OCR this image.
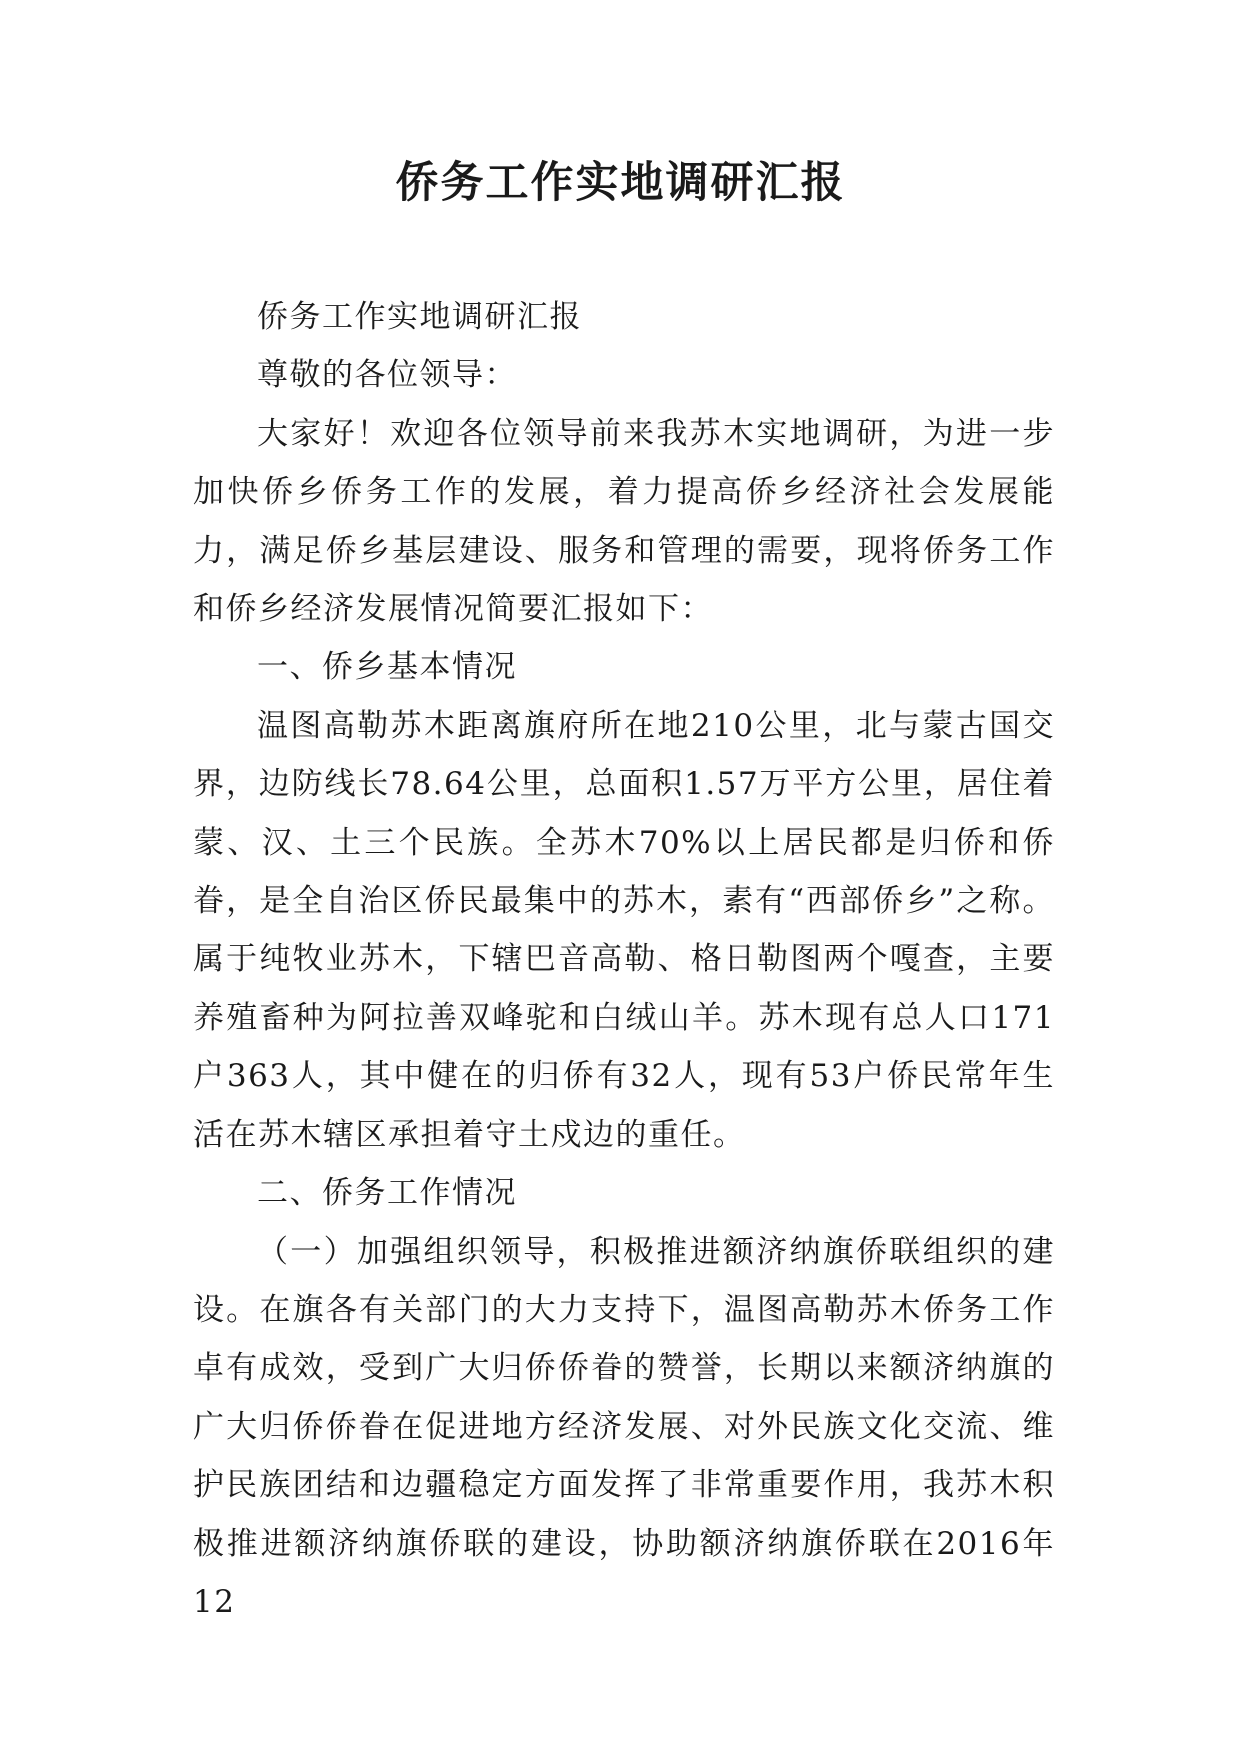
侨务工作实地调研汇报

侨务工作实地调研汇报

尊敬的各位领导：

大家好！欢迎各位领导前来我苏木实地调研，为进一步加快侨乡侨务工作的发展，着力提高侨乡经济社会发展能力，满足侨乡基层建设、服务和管理的需要，现将侨务工作和侨乡经济发展情况简要汇报如下：

一、侨乡基本情况

温图高勒苏木距离旗府所在地210公里，北与蒙古国交界，边防线长78.64公里，总面积1.57万平方公里，居住着蒙、汉、土三个民族。全苏木70%以上居民都是归侨和侨眷，是全自治区侨民最集中的苏木，素有“西部侨乡”之称。属于纯牧业苏木，下辖巴音高勒、格日勒图两个嘎查，主要养殖畜种为阿拉善双峰驼和白绒山羊。苏木现有总人口171户363人，其中健在的归侨有32人，现有53户侨民常年生活在苏木辖区承担着守土戍边的重任。

二、侨务工作情况

（一）加强组织领导，积极推进额济纳旗侨联组织的建设。在旗各有关部门的大力支持下，温图高勒苏木侨务工作卓有成效，受到广大归侨侨眷的赞誉，长期以来额济纳旗的广大归侨侨眷在促进地方经济发展、对外民族文化交流、维护民族团结和边疆稳定方面发挥了非常重要作用，我苏木积极推进额济纳旗侨联的建设，协助额济纳旗侨联在2016年12
